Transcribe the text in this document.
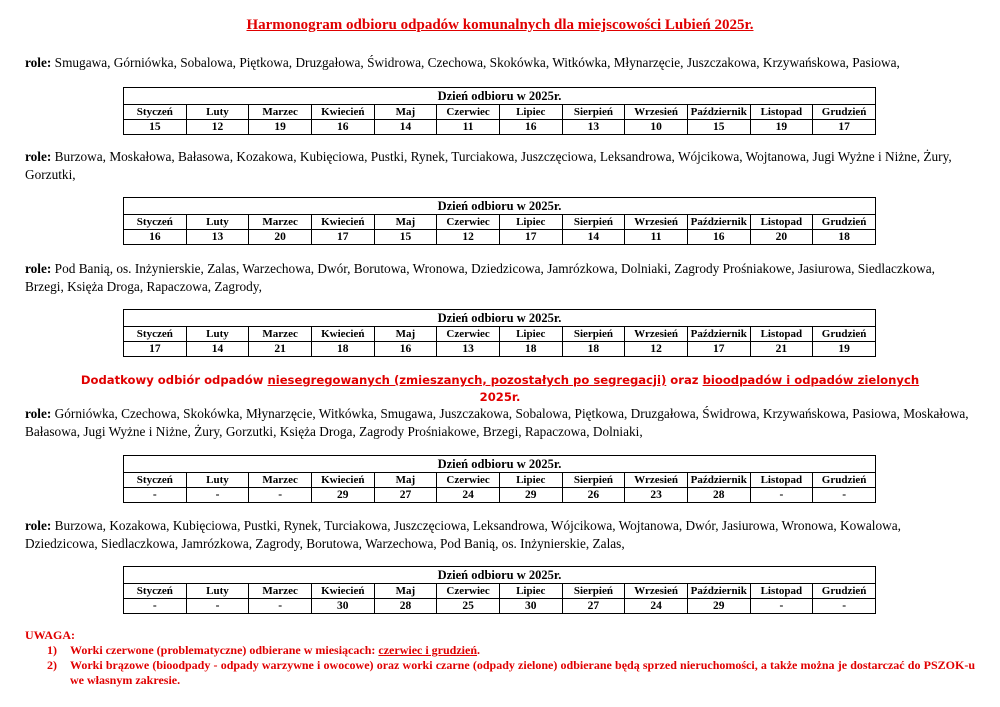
Harmonogram odbioru odpadów komunalnych dla miejscowości Lubień 2025r.
role: Smugawa, Górniówka, Sobalowa, Piętkowa, Druzgałowa, Świdrowa, Czechowa, Skokówka, Witkówka, Młynarzęcie, Juszczakowa, Krzywańskowa, Pasiowa,
Dzień odbioru w 2025r.											
Styczeń	Luty	Marzec	Kwiecień	Maj	Czerwiec	Lipiec	Sierpień	Wrzesień	Październik	Listopad	Grudzień
15	12	19	16	14	11	16	13	10	15	19	17
role: Burzowa, Moskałowa, Bałasowa, Kozakowa, Kubięciowa, Pustki, Rynek, Turciakowa, Juszczęciowa, Leksandrowa, Wójcikowa, Wojtanowa, Jugi Wyżne i Niżne, Żury, Gorzutki,
Dzień odbioru w 2025r.											
Styczeń	Luty	Marzec	Kwiecień	Maj	Czerwiec	Lipiec	Sierpień	Wrzesień	Październik	Listopad	Grudzień
16	13	20	17	15	12	17	14	11	16	20	18
role: Pod Banią, os. Inżynierskie, Zalas, Warzechowa, Dwór, Borutowa, Wronowa, Dziedzicowa, Jamrózkowa, Dolniaki, Zagrody Prośniakowe, Jasiurowa, Siedlaczkowa, Brzegi, Księża Droga, Rapaczowa, Zagrody,
Dzień odbioru w 2025r.											
Styczeń	Luty	Marzec	Kwiecień	Maj	Czerwiec	Lipiec	Sierpień	Wrzesień	Październik	Listopad	Grudzień
17	14	21	18	16	13	18	18	12	17	21	19
Dodatkowy odbiór odpadów niesegregowanych (zmieszanych, pozostałych po segregacji) oraz bioodpadów i odpadów zielonych
2025r.
role: Górniówka, Czechowa, Skokówka, Młynarzęcie, Witkówka, Smugawa, Juszczakowa, Sobalowa, Piętkowa, Druzgałowa, Świdrowa, Krzywańskowa, Pasiowa, Moskałowa, Bałasowa, Jugi Wyżne i Niżne, Żury, Gorzutki, Księża Droga, Zagrody Prośniakowe, Brzegi, Rapaczowa, Dolniaki,
Dzień odbioru w 2025r.											
Styczeń	Luty	Marzec	Kwiecień	Maj	Czerwiec	Lipiec	Sierpień	Wrzesień	Październik	Listopad	Grudzień
-	-	-	29	27	24	29	26	23	28	-	-
role: Burzowa, Kozakowa, Kubięciowa, Pustki, Rynek, Turciakowa, Juszczęciowa, Leksandrowa, Wójcikowa, Wojtanowa, Dwór, Jasiurowa, Wronowa, Kowalowa, Dziedzicowa, Siedlaczkowa, Jamrózkowa, Zagrody, Borutowa, Warzechowa, Pod Banią, os. Inżynierskie, Zalas,
Dzień odbioru w 2025r.											
Styczeń	Luty	Marzec	Kwiecień	Maj	Czerwiec	Lipiec	Sierpień	Wrzesień	Październik	Listopad	Grudzień
-	-	-	30	28	25	30	27	24	29	-	-
UWAGA:
1) Worki czerwone (problematyczne) odbierane w miesiącach: czerwiec i grudzień.
2) Worki brązowe (bioodpady - odpady warzywne i owocowe) oraz worki czarne (odpady zielone) odbierane będą sprzed nieruchomości, a także można je dostarczać do PSZOK-u we własnym zakresie.
